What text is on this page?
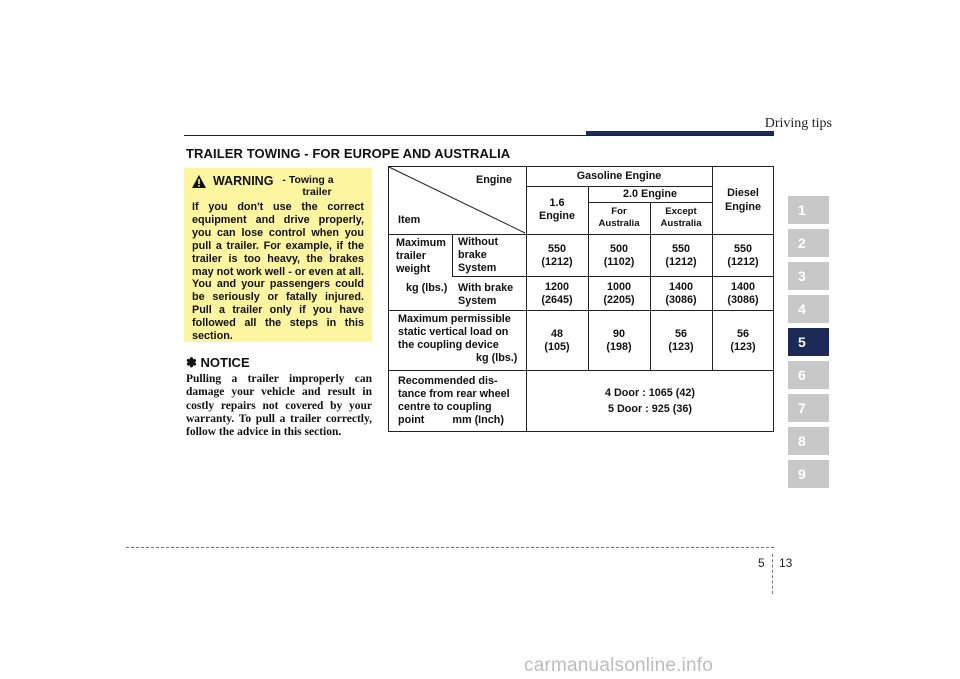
Driving tips
TRAILER TOWING - FOR EUROPE AND AUSTRALIA
WARNING - Towing a
trailer
If you don't use the correct equipment and drive properly, you can lose control when you pull a trailer. For example, if the trailer is too heavy, the brakes may not work well - or even at all. You and your passengers could be seriously or fatally injured. Pull a trailer only if you have followed all the steps in this section.
✽ NOTICE
Pulling a trailer improperly can damage your vehicle and result in costly repairs not covered by your warranty. To pull a trailer correctly, follow the advice in this section.
Engine
Item
Gasoline Engine
1.6
Engine
2.0 Engine
For
Australia
Except
Australia
Diesel
Engine
Maximum
trailer
weight
kg (lbs.)
Without
brake
System
With brake
System
550
(1212)
500
(1102)
550
(1212)
550
(1212)
1200
(2645)
1000
(2205)
1400
(3086)
1400
(3086)
Maximum permissible
static vertical load on
the coupling device
kg (lbs.)
48
(105)
90
(198)
56
(123)
56
(123)
Recommended dis-
tance from rear wheel
centre to coupling
point	mm (Inch)
4 Door : 1065 (42)
5 Door : 925 (36)
1
2
3
4
5
6
7
8
9
5 13
carmanualsonline.info
